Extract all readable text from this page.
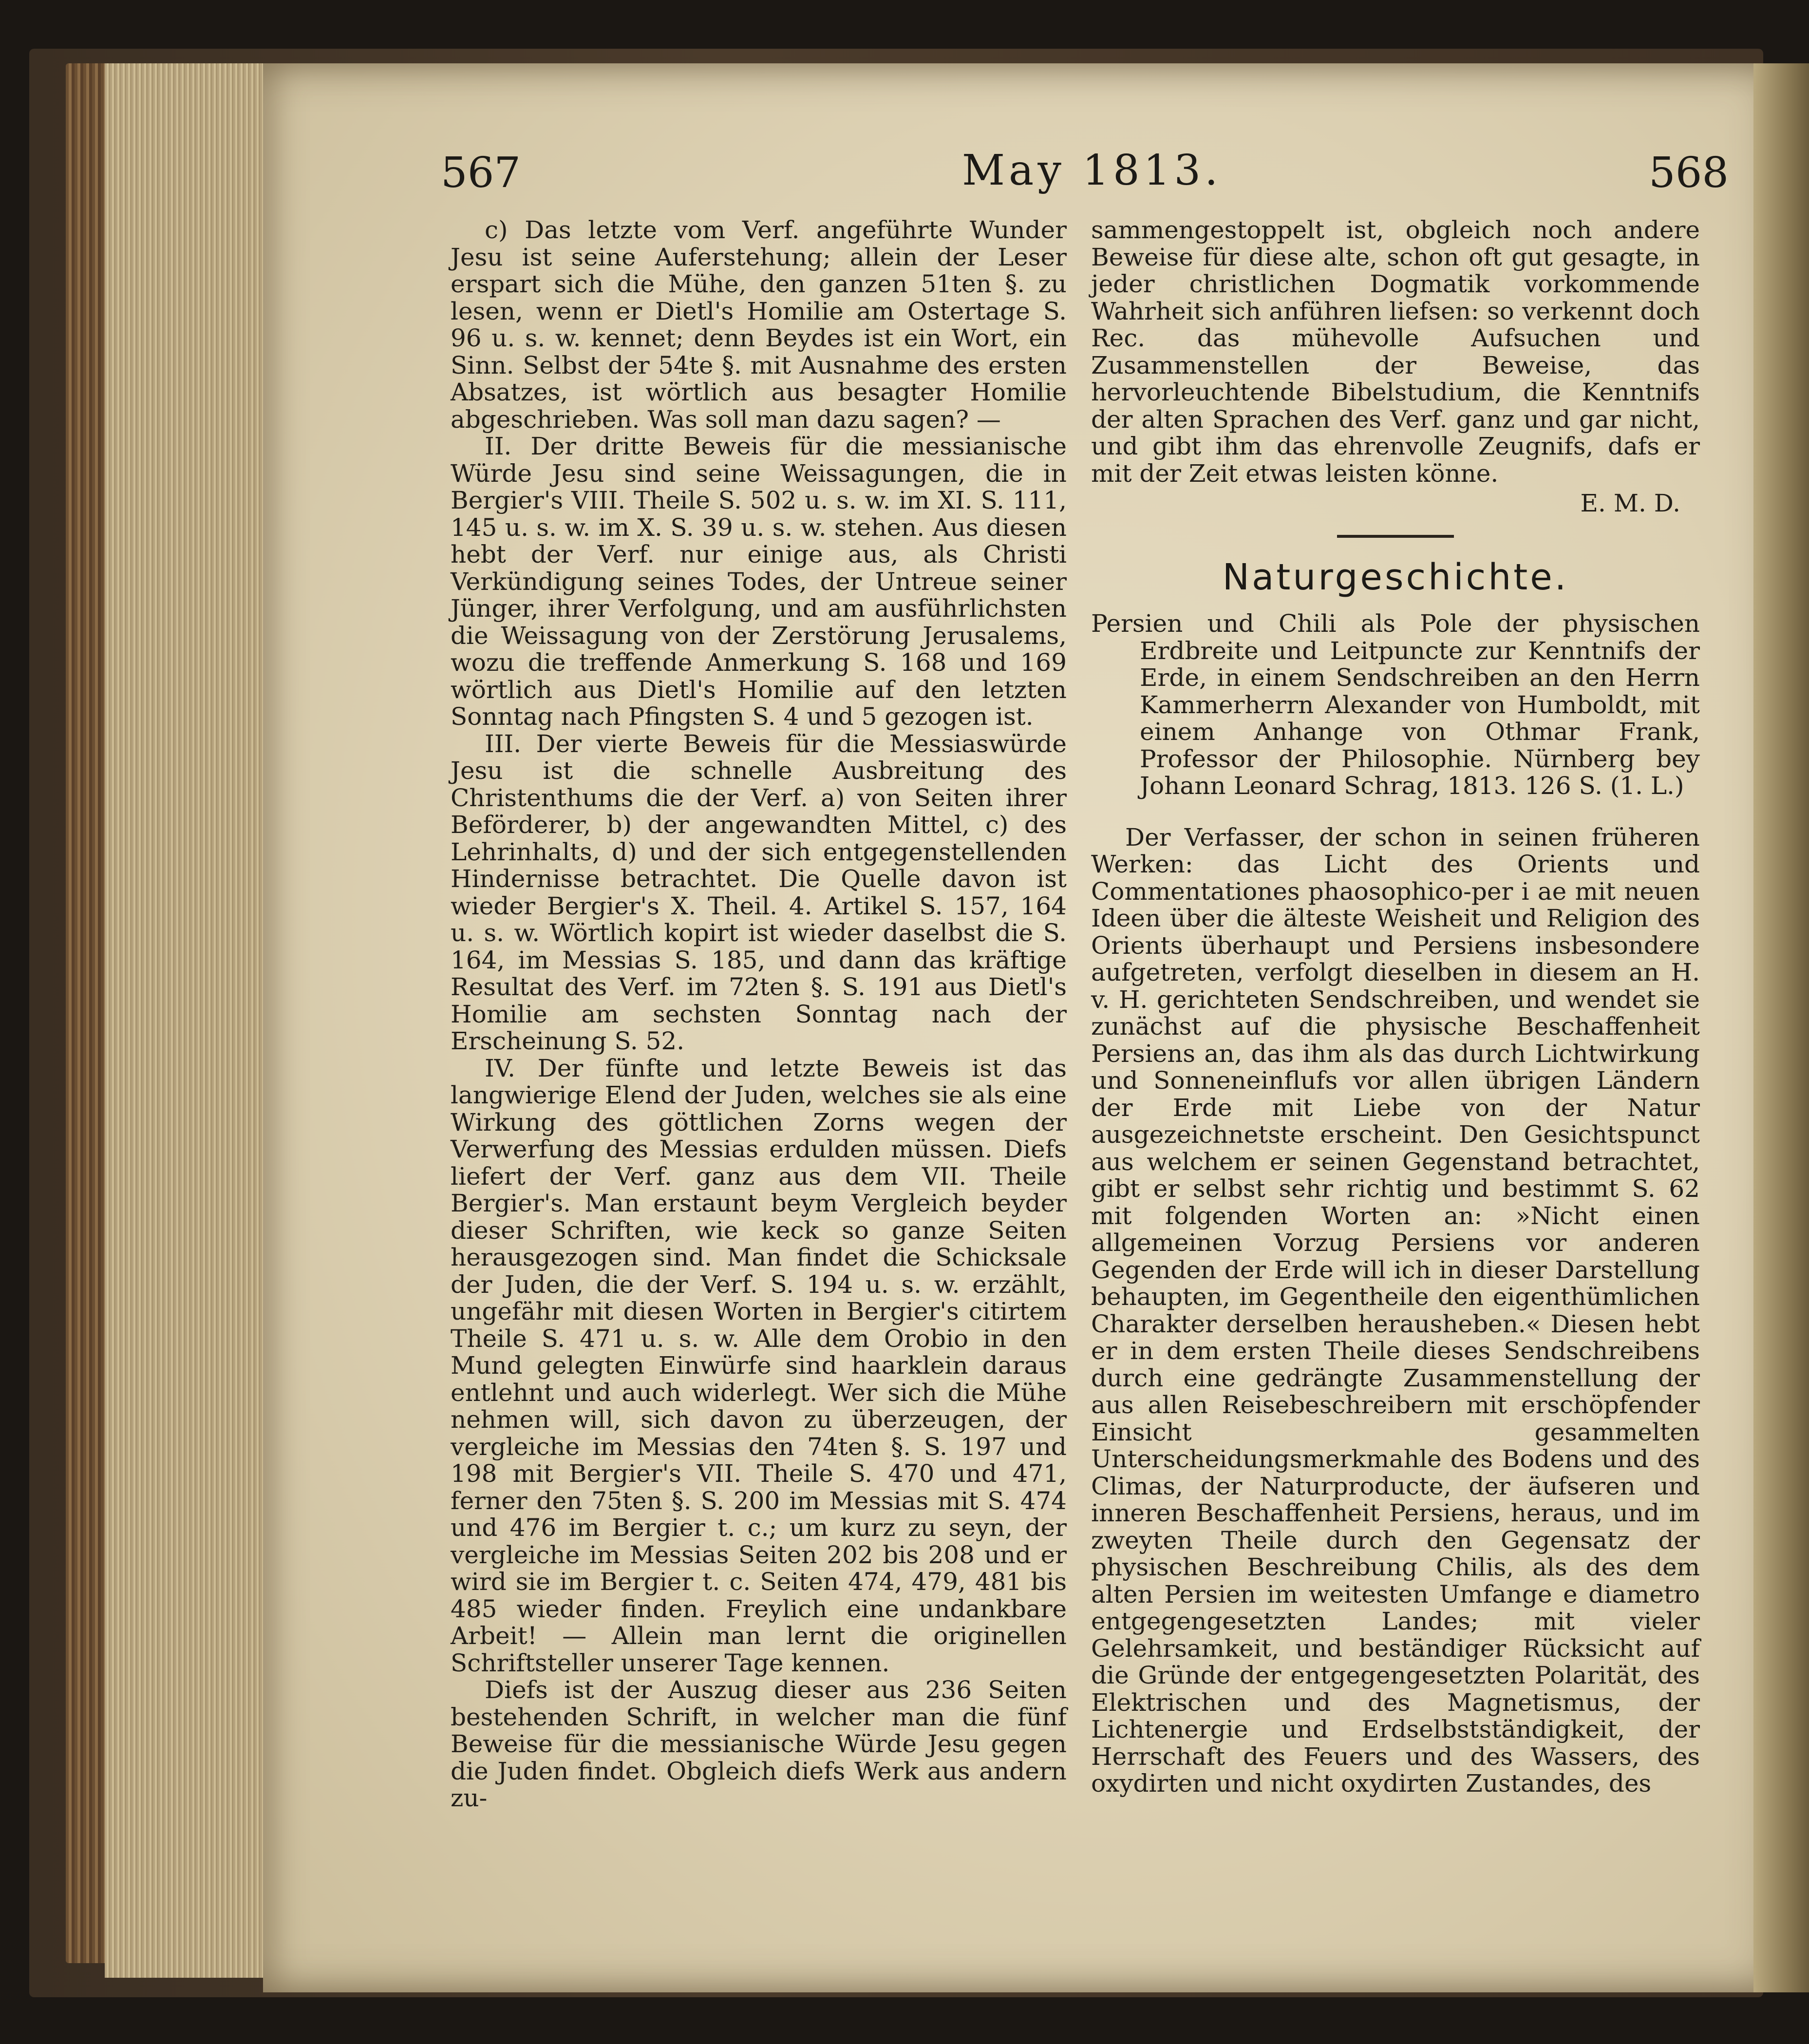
567	May 1813.	568

c) Das letzte vom Verf. angeführte Wunder Jesu ist seine Auferstehung; allein der Leser erspart sich die Mühe, den ganzen 51ten §. zu lesen, wenn er Dietl's Homilie am Ostertage S. 96 u. s. w. kennet; denn Beydes ist ein Wort, ein Sinn. Selbst der 54te §. mit Ausnahme des ersten Absatzes, ist wörtlich aus besagter Homilie abgeschrieben. Was soll man dazu sagen? —

II. Der dritte Beweis für die messianische Würde Jesu sind seine Weissagungen, die in Bergier's VIII. Theile S. 502 u. s. w. im XI. S. 111, 145 u. s. w. im X. S. 39 u. s. w. stehen. Aus diesen hebt der Verf. nur einige aus, als Christi Verkündigung seines Todes, der Untreue seiner Jünger, ihrer Verfolgung, und am ausführlichsten die Weissagung von der Zerstörung Jerusalems, wozu die treffende Anmerkung S. 168 und 169 wörtlich aus Dietl's Homilie auf den letzten Sonntag nach Pfingsten S. 4 und 5 gezogen ist.

III. Der vierte Beweis für die Messiaswürde Jesu ist die schnelle Ausbreitung des Christenthums die der Verf. a) von Seiten ihrer Beförderer, b) der angewandten Mittel, c) des Lehrinhalts, d) und der sich entgegenstellenden Hindernisse betrachtet. Die Quelle davon ist wieder Bergier's X. Theil. 4. Artikel S. 157, 164 u. s. w. Wörtlich kopirt ist wieder daselbst die S. 164, im Messias S. 185, und dann das kräftige Resultat des Verf. im 72ten §. S. 191 aus Dietl's Homilie am sechsten Sonntag nach der Erscheinung S. 52.

IV. Der fünfte und letzte Beweis ist das langwierige Elend der Juden, welches sie als eine Wirkung des göttlichen Zorns wegen der Verwerfung des Messias erdulden müssen. Diefs liefert der Verf. ganz aus dem VII. Theile Bergier's. Man erstaunt beym Vergleich beyder dieser Schriften, wie keck so ganze Seiten herausgezogen sind. Man findet die Schicksale der Juden, die der Verf. S. 194 u. s. w. erzählt, ungefähr mit diesen Worten in Bergier's citirtem Theile S. 471 u. s. w. Alle dem Orobio in den Mund gelegten Einwürfe sind haarklein daraus entlehnt und auch widerlegt. Wer sich die Mühe nehmen will, sich davon zu überzeugen, der vergleiche im Messias den 74ten §. S. 197 und 198 mit Bergier's VII. Theile S. 470 und 471, ferner den 75ten §. S. 200 im Messias mit S. 474 und 476 im Bergier t. c.; um kurz zu seyn, der vergleiche im Messias Seiten 202 bis 208 und er wird sie im Bergier t. c. Seiten 474, 479, 481 bis 485 wieder finden. Freylich eine undankbare Arbeit! — Allein man lernt die originellen Schriftsteller unserer Tage kennen.

Diefs ist der Auszug dieser aus 236 Seiten bestehenden Schrift, in welcher man die fünf Beweise für die messianische Würde Jesu gegen die Juden findet. Obgleich diefs Werk aus andern zu-

sammengestoppelt ist, obgleich noch andere Beweise für diese alte, schon oft gut gesagte, in jeder christlichen Dogmatik vorkommende Wahrheit sich anführen liefsen: so verkennt doch Rec. das mühevolle Aufsuchen und Zusammenstellen der Beweise, das hervorleuchtende Bibelstudium, die Kenntnifs der alten Sprachen des Verf. ganz und gar nicht, und gibt ihm das ehrenvolle Zeugnifs, dafs er mit der Zeit etwas leisten könne.

E. M. D.
Naturgeschichte.

Persien und Chili als Pole der physischen Erdbreite und Leitpuncte zur Kenntnifs der Erde, in einem Sendschreiben an den Herrn Kammerherrn Alexander von Humboldt, mit einem Anhange von Othmar Frank, Professor der Philosophie. Nürnberg bey Johann Leonard Schrag, 1813. 126 S. (1. L.)

Der Verfasser, der schon in seinen früheren Werken: das Licht des Orients und Commentationes phaosophico-per i ae mit neuen Ideen über die älteste Weisheit und Religion des Orients überhaupt und Persiens insbesondere aufgetreten, verfolgt dieselben in diesem an H. v. H. gerichteten Sendschreiben, und wendet sie zunächst auf die physische Beschaffenheit Persiens an, das ihm als das durch Lichtwirkung und Sonneneinflufs vor allen übrigen Ländern der Erde mit Liebe von der Natur ausgezeichnetste erscheint. Den Gesichtspunct aus welchem er seinen Gegenstand betrachtet, gibt er selbst sehr richtig und bestimmt S. 62 mit folgenden Worten an: »Nicht einen allgemeinen Vorzug Persiens vor anderen Gegenden der Erde will ich in dieser Darstellung behaupten, im Gegentheile den eigenthümlichen Charakter derselben herausheben.« Diesen hebt er in dem ersten Theile dieses Sendschreibens durch eine gedrängte Zusammenstellung der aus allen Reisebeschreibern mit erschöpfender Einsicht gesammelten Unterscheidungsmerkmahle des Bodens und des Climas, der Naturproducte, der äufseren und inneren Beschaffenheit Persiens, heraus, und im zweyten Theile durch den Gegensatz der physischen Beschreibung Chilis, als des dem alten Persien im weitesten Umfange e diametro entgegengesetzten Landes; mit vieler Gelehrsamkeit, und beständiger Rücksicht auf die Gründe der entgegengesetzten Polarität, des Elektrischen und des Magnetismus, der Lichtenergie und Erdselbstständigkeit, der Herrschaft des Feuers und des Wassers, des oxydirten und nicht oxydirten Zustandes, des
